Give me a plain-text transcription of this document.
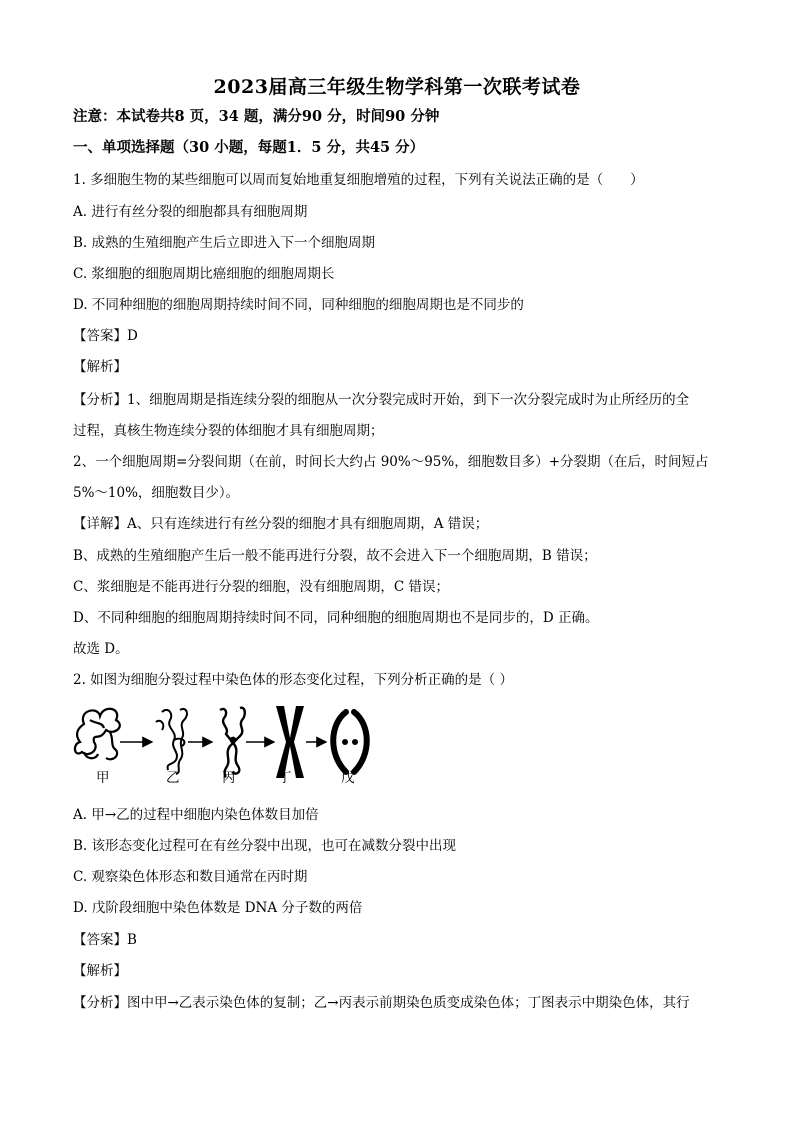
2023届高三年级生物学科第一次联考试卷
注意：本试卷共8 页，34 题，满分90 分，时间90 分钟
一、单项选择题（30 小题，每题1．5 分，共45 分）
1. 多细胞生物的某些细胞可以周而复始地重复细胞增殖的过程，下列有关说法正确的是（　　）
A. 进行有丝分裂的细胞都具有细胞周期
B. 成熟的生殖细胞产生后立即进入下一个细胞周期
C. 浆细胞的细胞周期比癌细胞的细胞周期长
D. 不同种细胞的细胞周期持续时间不同，同种细胞的细胞周期也是不同步的
【答案】D
【解析】
【分析】1、细胞周期是指连续分裂的细胞从一次分裂完成时开始，到下一次分裂完成时为止所经历的全
过程，真核生物连续分裂的体细胞才具有细胞周期；
2、一个细胞周期=分裂间期（在前，时间长大约占 90%～95%，细胞数目多）+分裂期（在后，时间短占
5%～10%，细胞数目少）。
【详解】A、只有连续进行有丝分裂的细胞才具有细胞周期，A 错误；
B、成熟的生殖细胞产生后一般不能再进行分裂，故不会进入下一个细胞周期，B 错误；
C、浆细胞是不能再进行分裂的细胞，没有细胞周期，C 错误；
D、不同种细胞的细胞周期持续时间不同，同种细胞的细胞周期也不是同步的，D 正确。
故选 D。
2. 如图为细胞分裂过程中染色体的形态变化过程，下列分析正确的是（ ）
甲	乙	丙	丁	戊
A. 甲→乙的过程中细胞内染色体数目加倍
B. 该形态变化过程可在有丝分裂中出现，也可在减数分裂中出现
C. 观察染色体形态和数目通常在丙时期
D. 戊阶段细胞中染色体数是 DNA 分子数的两倍
【答案】B
【解析】
【分析】图中甲→乙表示染色体的复制；乙→丙表示前期染色质变成染色体；丁图表示中期染色体，其行
